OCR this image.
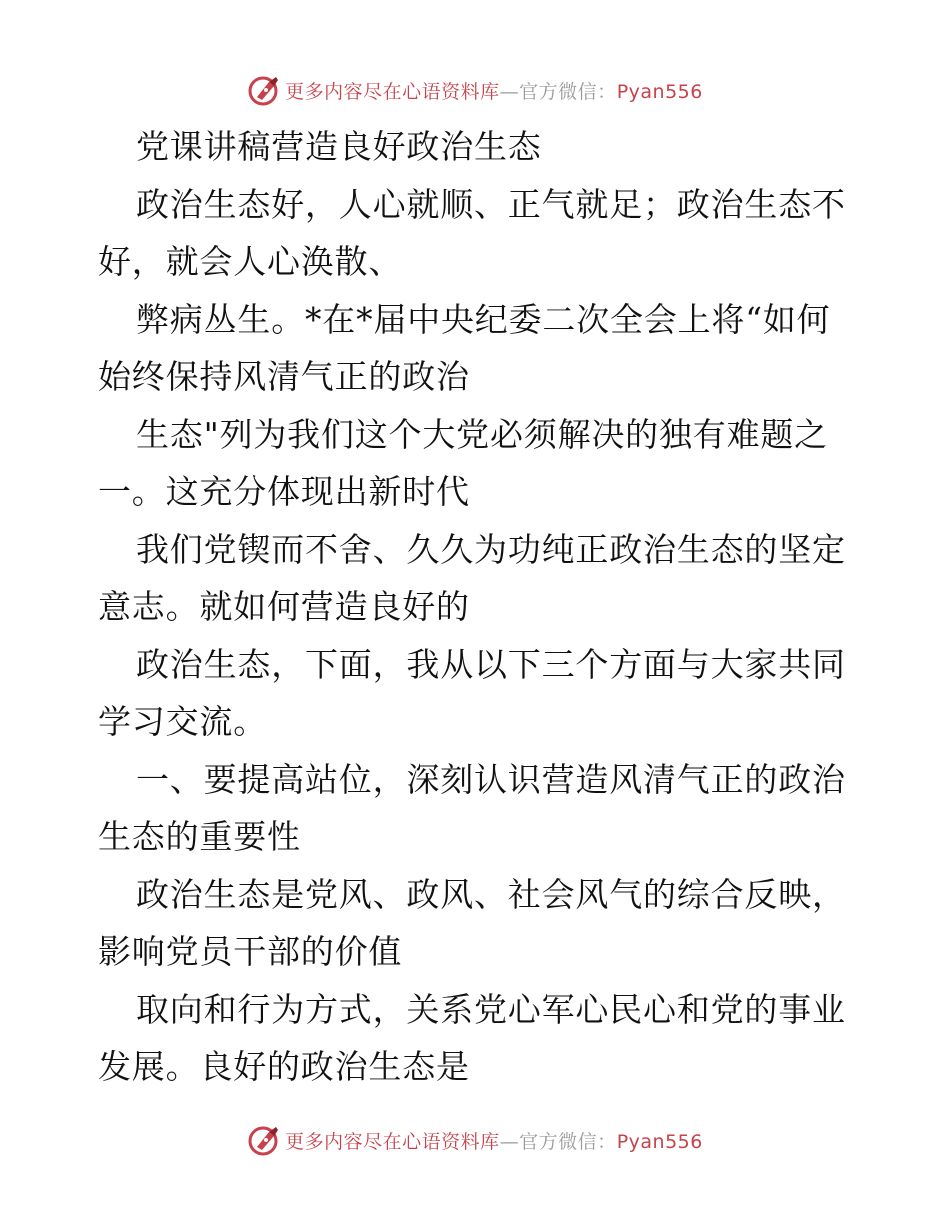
更多内容尽在心语资料库—官方微信：Pyan556
党课讲稿营造良好政治生态
政治生态好，人心就顺、正气就足；政治生态不
好，就会人心涣散、
弊病丛生。*在*届中央纪委二次全会上将“如何
始终保持风清气正的政治
生态"列为我们这个大党必须解决的独有难题之
一。这充分体现出新时代
我们党锲而不舍、久久为功纯正政治生态的坚定
意志。就如何营造良好的
政治生态，下面，我从以下三个方面与大家共同
学习交流。
一、要提高站位，深刻认识营造风清气正的政治
生态的重要性
政治生态是党风、政风、社会风气的综合反映，
影响党员干部的价值
取向和行为方式，关系党心军心民心和党的事业
发展。良好的政治生态是
更多内容尽在心语资料库—官方微信：Pyan556
